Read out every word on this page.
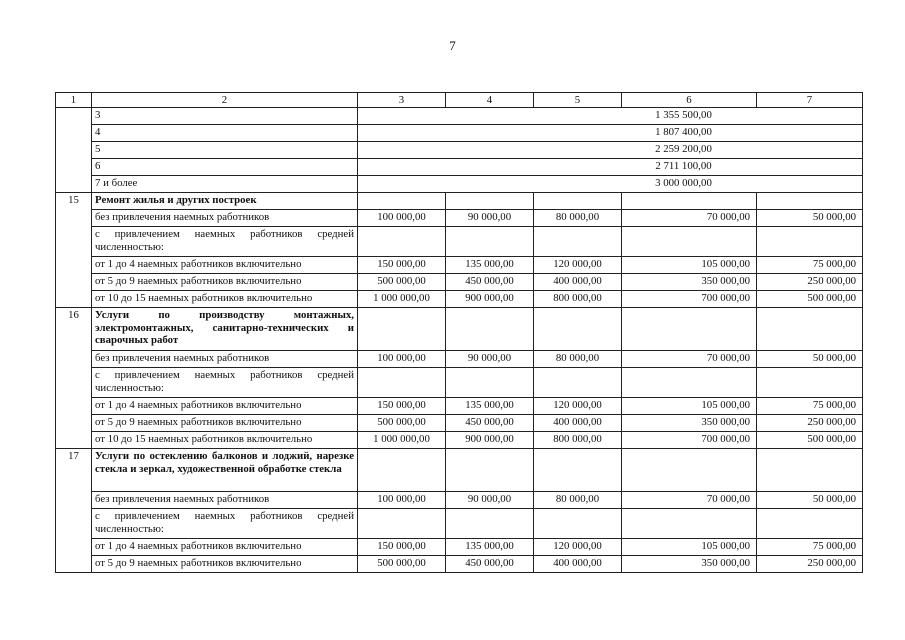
7
1	2	3	4	5	6	7
	3	1 355 500,00				
	4	1 807 400,00				
	5	2 259 200,00				
	6	2 711 100,00				
	7 и более	3 000 000,00				
15	Ремонт жилья и других построек					
	без привлечения наемных работников	100 000,00	90 000,00	80 000,00	70 000,00	50 000,00
	с привлечением наемных работников средней численностью:					
	от 1 до 4 наемных работников включительно	150 000,00	135 000,00	120 000,00	105 000,00	75 000,00
	от 5 до 9 наемных работников включительно	500 000,00	450 000,00	400 000,00	350 000,00	250 000,00
	от 10 до 15 наемных работников включительно	1 000 000,00	900 000,00	800 000,00	700 000,00	500 000,00
16	Услуги по производству монтажных, электромонтажных, санитарно-технических и сварочных работ					
	без привлечения наемных работников	100 000,00	90 000,00	80 000,00	70 000,00	50 000,00
	с привлечением наемных работников средней численностью:					
	от 1 до 4 наемных работников включительно	150 000,00	135 000,00	120 000,00	105 000,00	75 000,00
	от 5 до 9 наемных работников включительно	500 000,00	450 000,00	400 000,00	350 000,00	250 000,00
	от 10 до 15 наемных работников включительно	1 000 000,00	900 000,00	800 000,00	700 000,00	500 000,00
17	Услуги по остеклению балконов и лоджий, нарезке стекла и зеркал, художественной обработке стекла					
	без привлечения наемных работников	100 000,00	90 000,00	80 000,00	70 000,00	50 000,00
	с привлечением наемных работников средней численностью:					
	от 1 до 4 наемных работников включительно	150 000,00	135 000,00	120 000,00	105 000,00	75 000,00
	от 5 до 9 наемных работников включительно	500 000,00	450 000,00	400 000,00	350 000,00	250 000,00
